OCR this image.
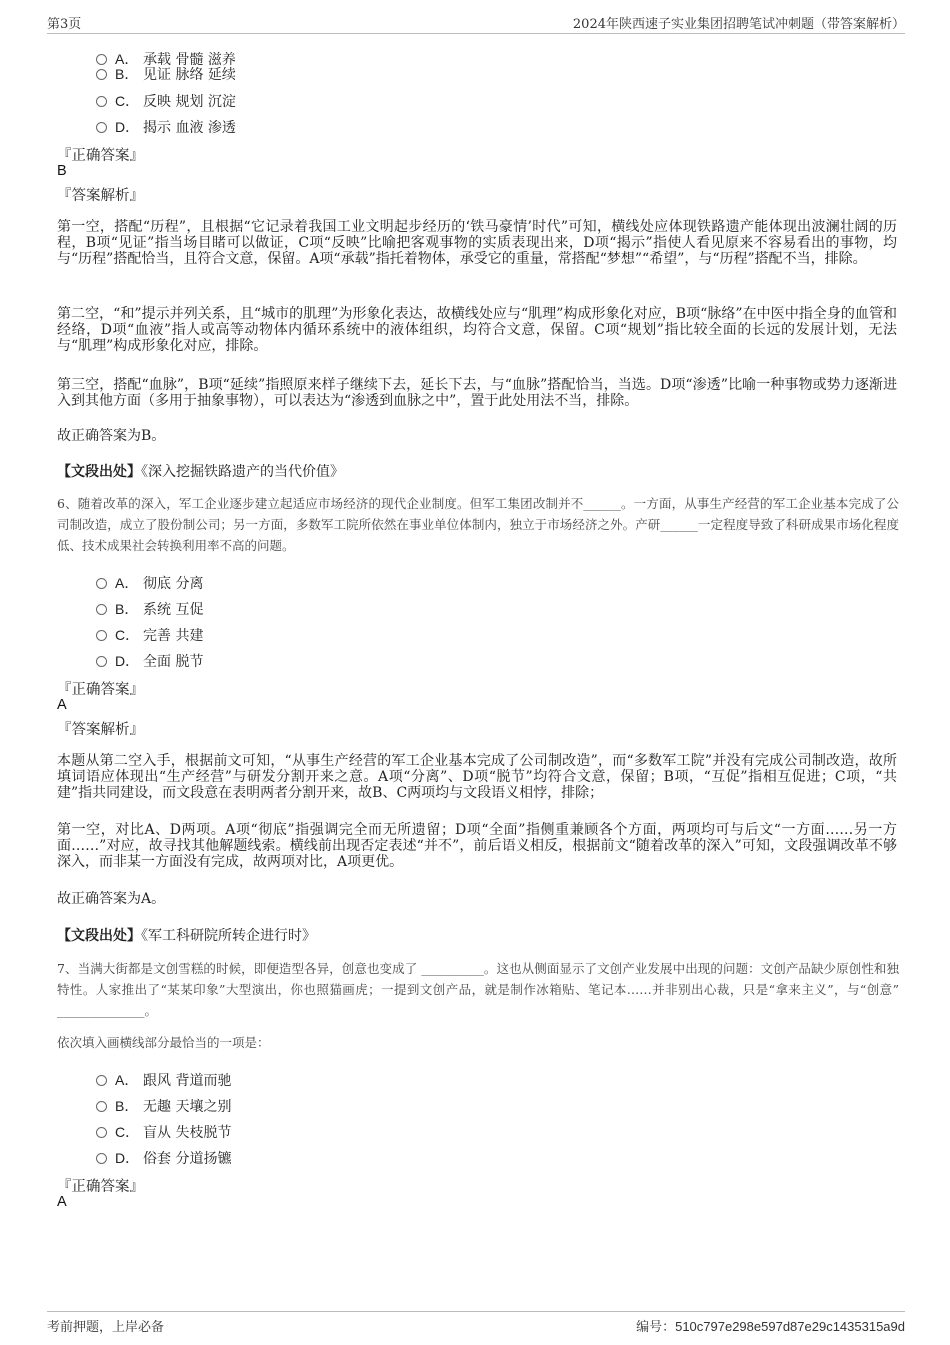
第3页	2024年陕西速子实业集团招聘笔试冲刺题（带答案解析）
A． 承载 骨髓 滋养
B． 见证 脉络 延续
C． 反映 规划 沉淀
D． 揭示 血液 渗透
『正确答案』
B
『答案解析』
第一空，搭配“历程”，且根据“它记录着我国工业文明起步经历的‘铁马豪情’时代”可知，横线处应体现铁路遗产能体现出波澜壮阔的历程，B项“见证”指当场目睹可以做证，C项“反映”比喻把客观事物的实质表现出来，D项“揭示”指使人看见原来不容易看出的事物，均与“历程”搭配恰当，且符合文意，保留。A项“承载”指托着物体，承受它的重量，常搭配“梦想”“希望”，与“历程”搭配不当，排除。
第二空，“和”提示并列关系，且“城市的肌理”为形象化表达，故横线处应与“肌理”构成形象化对应，B项“脉络”在中医中指全身的血管和经络，D项“血液”指人或高等动物体内循环系统中的液体组织，均符合文意，保留。C项“规划”指比较全面的长远的发展计划，无法与“肌理”构成形象化对应，排除。
第三空，搭配“血脉”，B项“延续”指照原来样子继续下去，延长下去，与“血脉”搭配恰当，当选。D项“渗透”比喻一种事物或势力逐渐进入到其他方面（多用于抽象事物），可以表达为“渗透到血脉之中”，置于此处用法不当，排除。
故正确答案为B。
【文段出处】《深入挖掘铁路遗产的当代价值》
6、随着改革的深入，军工企业逐步建立起适应市场经济的现代企业制度。但军工集团改制并不______。一方面，从事生产经营的军工企业基本完成了公司制改造，成立了股份制公司；另一方面，多数军工院所依然在事业单位体制内，独立于市场经济之外。产研______一定程度导致了科研成果市场化程度低、技术成果社会转换利用率不高的问题。
A． 彻底 分离
B． 系统 互促
C． 完善 共建
D． 全面 脱节
『正确答案』
A
『答案解析』
本题从第二空入手，根据前文可知，“从事生产经营的军工企业基本完成了公司制改造”，而“多数军工院”并没有完成公司制改造，故所填词语应体现出“生产经营”与研发分割开来之意。A项“分离”、D项“脱节”均符合文意，保留；B项，“互促”指相互促进；C项，“共建”指共同建设，而文段意在表明两者分割开来，故B、C两项均与文段语义相悖，排除；
第一空，对比A、D两项。A项“彻底”指强调完全而无所遗留；D项“全面”指侧重兼顾各个方面，两项均可与后文“一方面……另一方面……”对应，故寻找其他解题线索。横线前出现否定表述“并不”，前后语义相反，根据前文“随着改革的深入”可知，文段强调改革不够深入，而非某一方面没有完成，故两项对比，A项更优。
故正确答案为A。
【文段出处】《军工科研院所转企进行时》
7、当满大街都是文创雪糕的时候，即便造型各异，创意也变成了 __________。这也从侧面显示了文创产业发展中出现的问题：文创产品缺少原创性和独特性。人家推出了“某某印象”大型演出，你也照猫画虎；一提到文创产品，就是制作冰箱贴、笔记本……并非别出心裁，只是“拿来主义”，与“创意” ______________。
依次填入画横线部分最恰当的一项是：
A． 跟风 背道而驰
B． 无趣 天壤之别
C． 盲从 失枝脱节
D． 俗套 分道扬镳
『正确答案』
A
考前押题，上岸必备	编号：510c797e298e597d87e29c1435315a9d
